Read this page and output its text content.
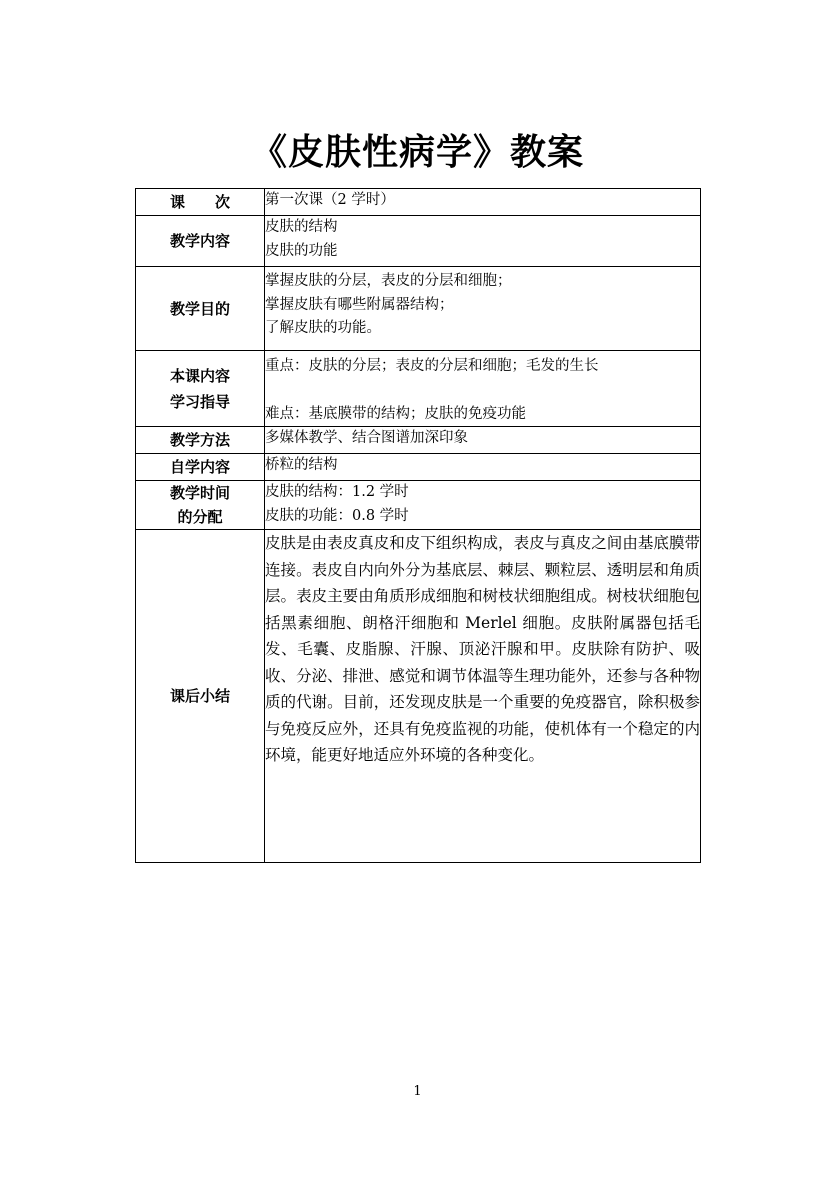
《皮肤性病学》教案
课　　次	第一次课（2 学时）

教学内容	皮肤的结构
皮肤的功能

教学目的	掌握皮肤的分层，表皮的分层和细胞；
掌握皮肤有哪些附属器结构；
了解皮肤的功能。

本课内容
学习指导	重点：皮肤的分层；表皮的分层和细胞；毛发的生长
难点：基底膜带的结构；皮肤的免疫功能

教学方法	多媒体教学、结合图谱加深印象

自学内容	桥粒的结构

教学时间
的分配	皮肤的结构：1.2 学时
皮肤的功能：0.8 学时

课后小结	皮肤是由表皮真皮和皮下组织构成，表皮与真皮之间由基底膜带连接。表皮自内向外分为基底层、棘层、颗粒层、透明层和角质层。表皮主要由角质形成细胞和树枝状细胞组成。树枝状细胞包括黑素细胞、朗格汗细胞和 Merlel 细胞。皮肤附属器包括毛发、毛囊、皮脂腺、汗腺、顶泌汗腺和甲。皮肤除有防护、吸收、分泌、排泄、感觉和调节体温等生理功能外，还参与各种物质的代谢。目前，还发现皮肤是一个重要的免疫器官，除积极参与免疫反应外，还具有免疫监视的功能，使机体有一个稳定的内环境，能更好地适应外环境的各种变化。
1
